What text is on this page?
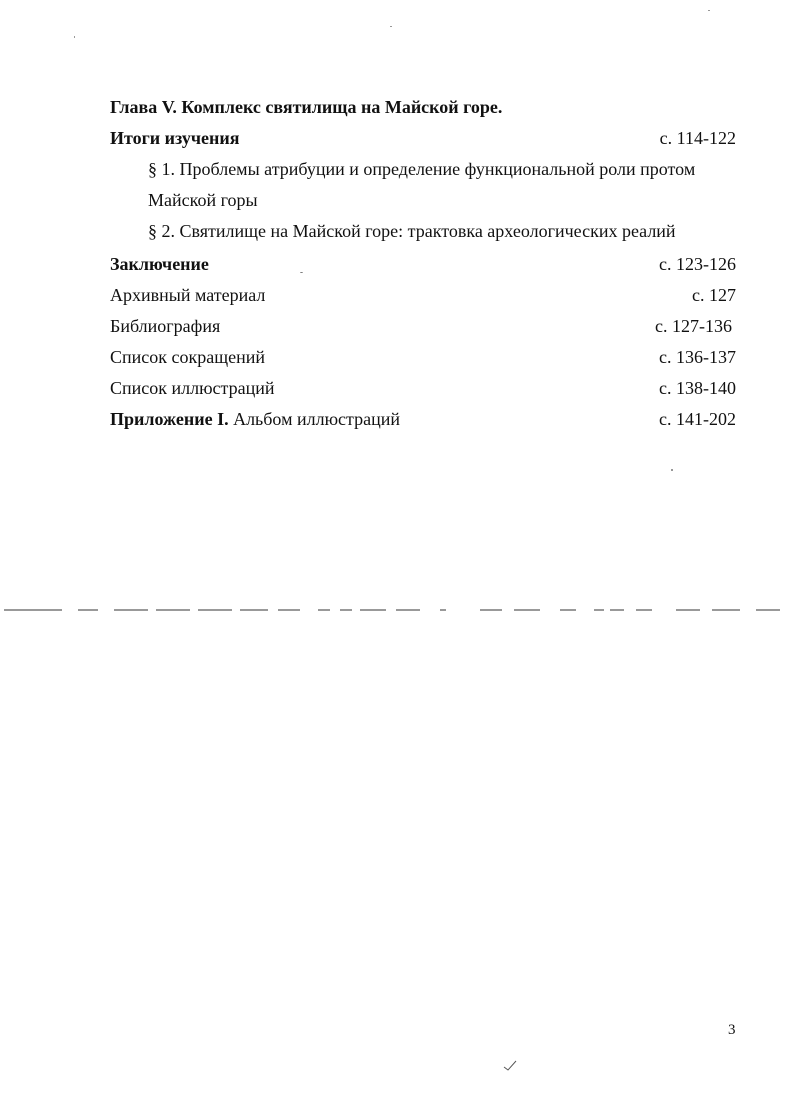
Глава V. Комплекс святилища на Майской горе.
Итоги изучения	с. 114-122
§ 1. Проблемы атрибуции и определение функциональной роли протом
Майской горы
§ 2. Святилище на Майской горе: трактовка археологических реалий
Заключение	с. 123-126
Архивный материал	с. 127
Библиография	с. 127-136
Список сокращений	с. 136-137
Список иллюстраций	с. 138-140
Приложение I. Альбом иллюстраций	с. 141-202
3
